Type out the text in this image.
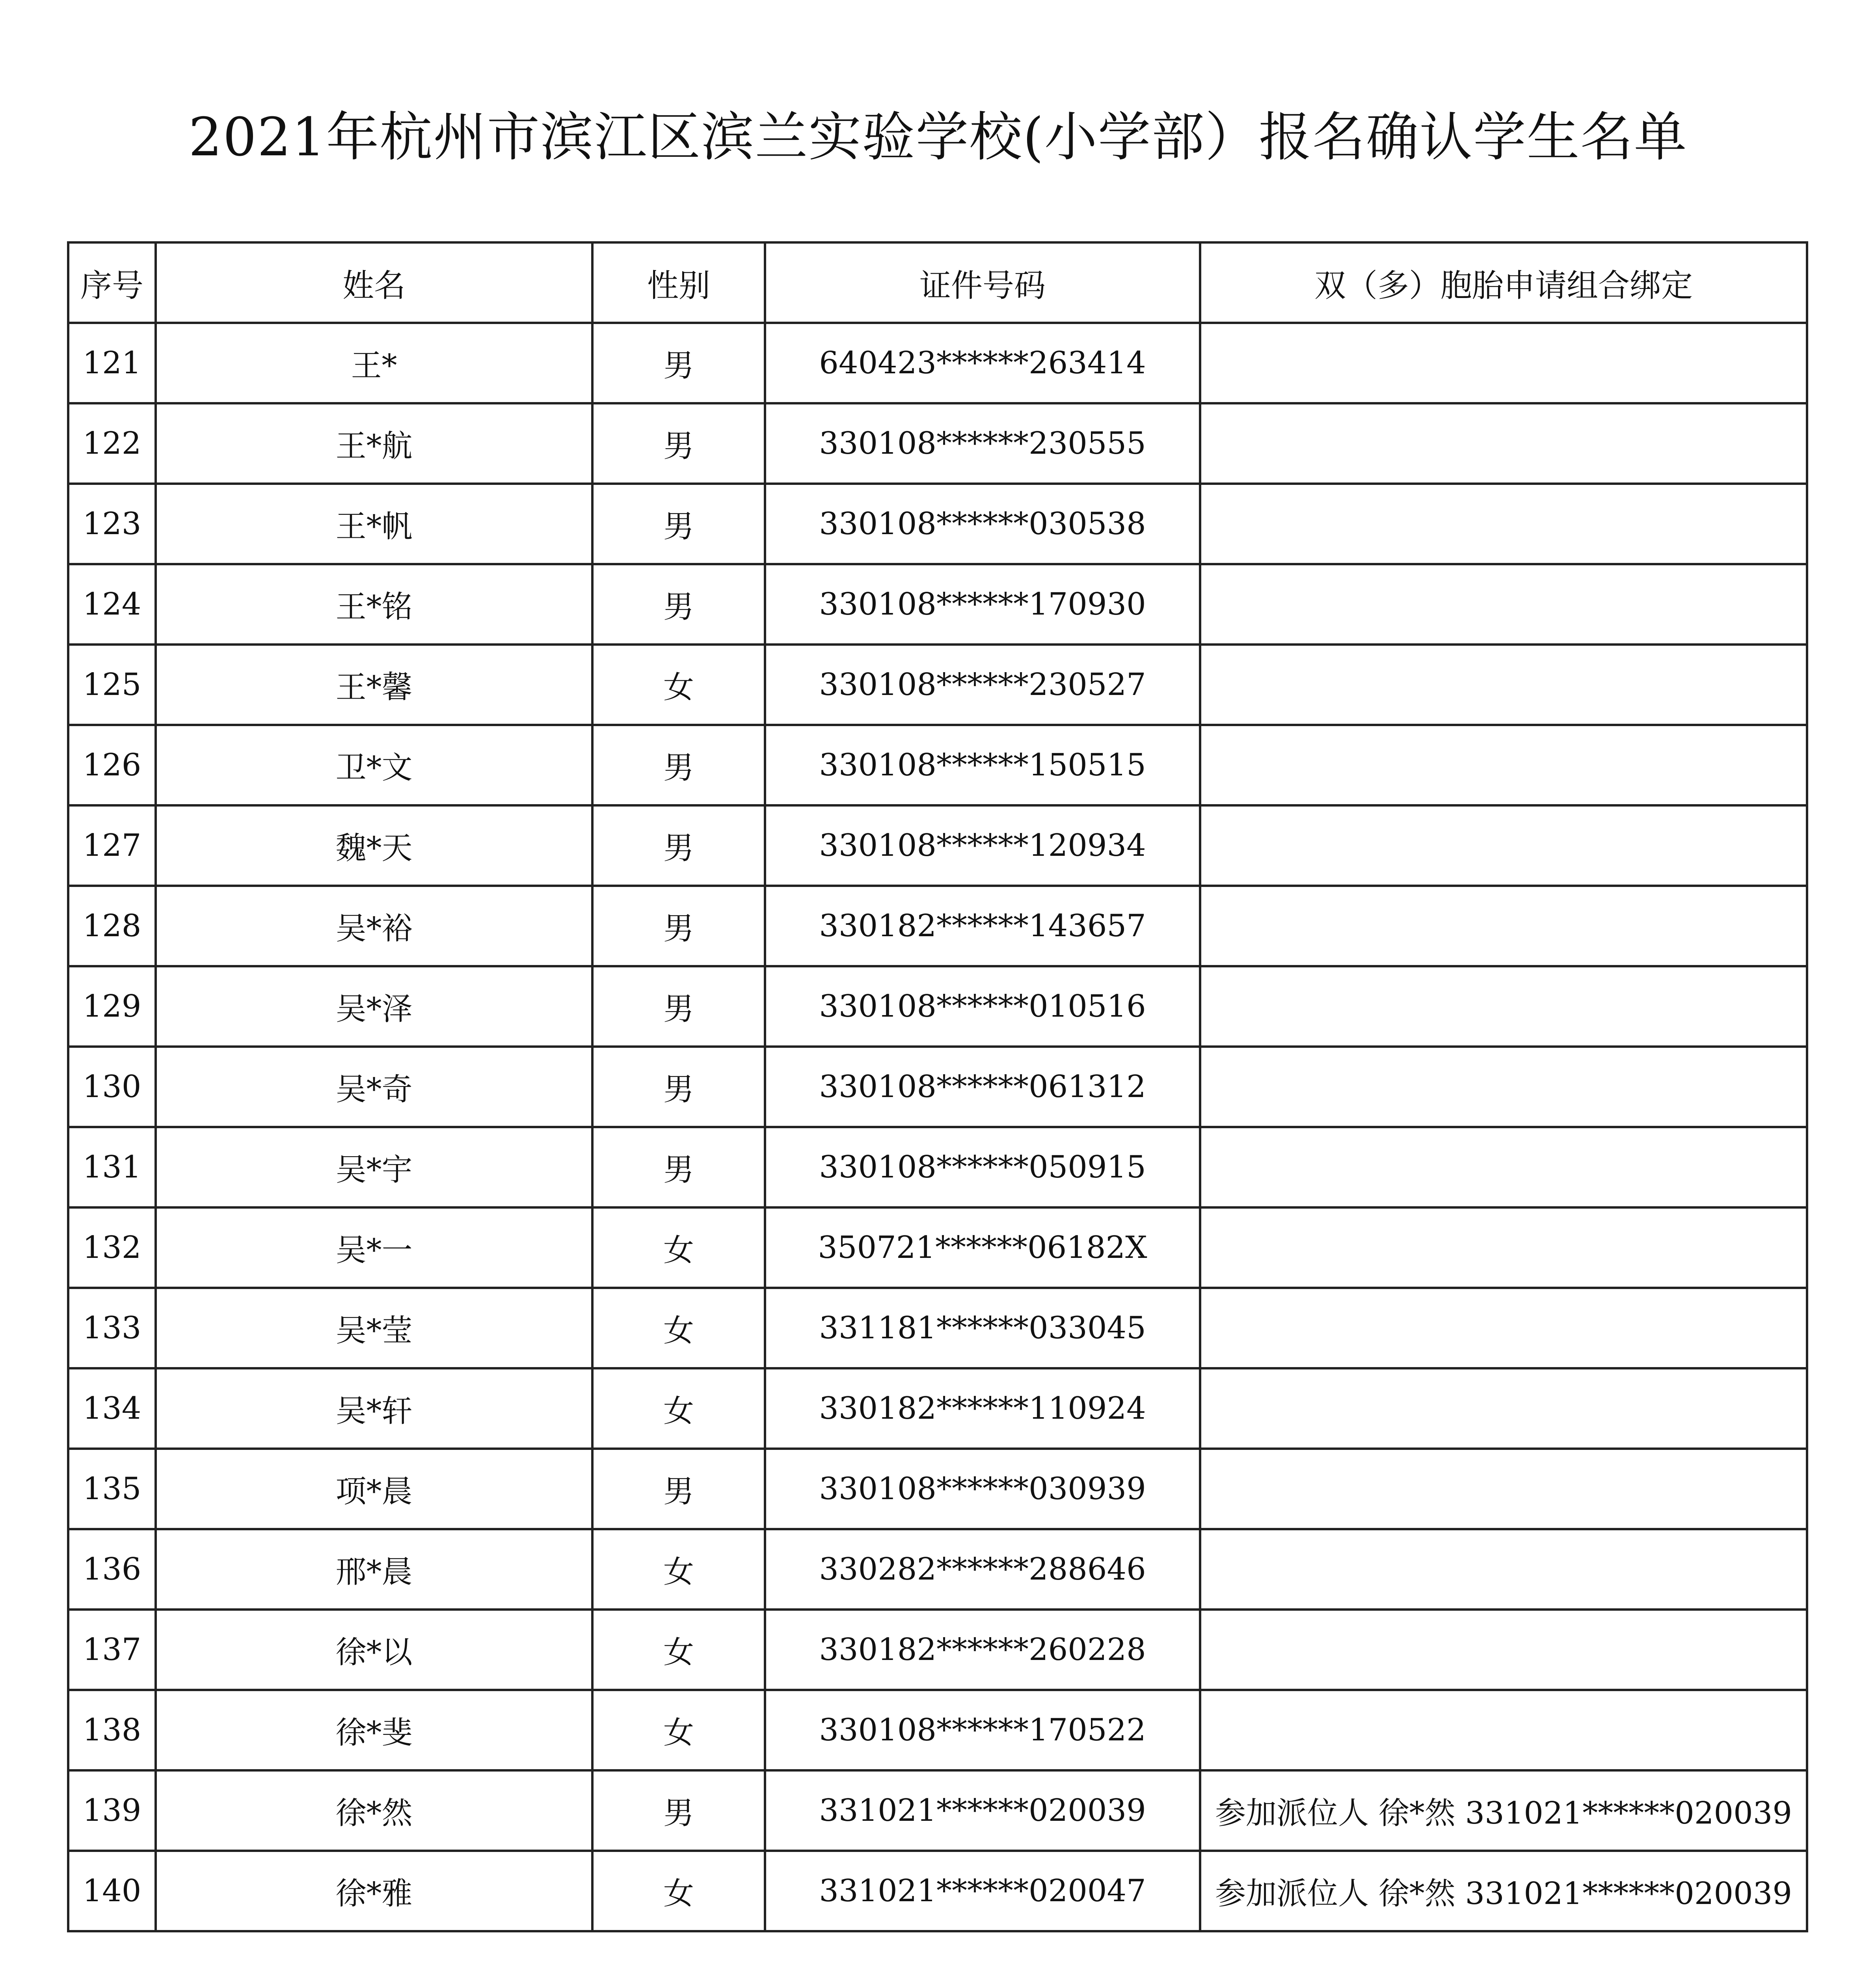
2021年杭州市滨江区滨兰实验学校(小学部）报名确认学生名单
序号	姓名	性别	证件号码	双（多）胞胎申请组合绑定
121	王*	男	640423******263414	
122	王*航	男	330108******230555	
123	王*帆	男	330108******030538	
124	王*铭	男	330108******170930	
125	王*馨	女	330108******230527	
126	卫*文	男	330108******150515	
127	魏*天	男	330108******120934	
128	吴*裕	男	330182******143657	
129	吴*泽	男	330108******010516	
130	吴*奇	男	330108******061312	
131	吴*宇	男	330108******050915	
132	吴*一	女	350721******06182X	
133	吴*莹	女	331181******033045	
134	吴*轩	女	330182******110924	
135	项*晨	男	330108******030939	
136	邢*晨	女	330282******288646	
137	徐*以	女	330182******260228	
138	徐*斐	女	330108******170522	
139	徐*然	男	331021******020039	参加派位人 徐*然 331021******020039
140	徐*雅	女	331021******020047	参加派位人 徐*然 331021******020039
